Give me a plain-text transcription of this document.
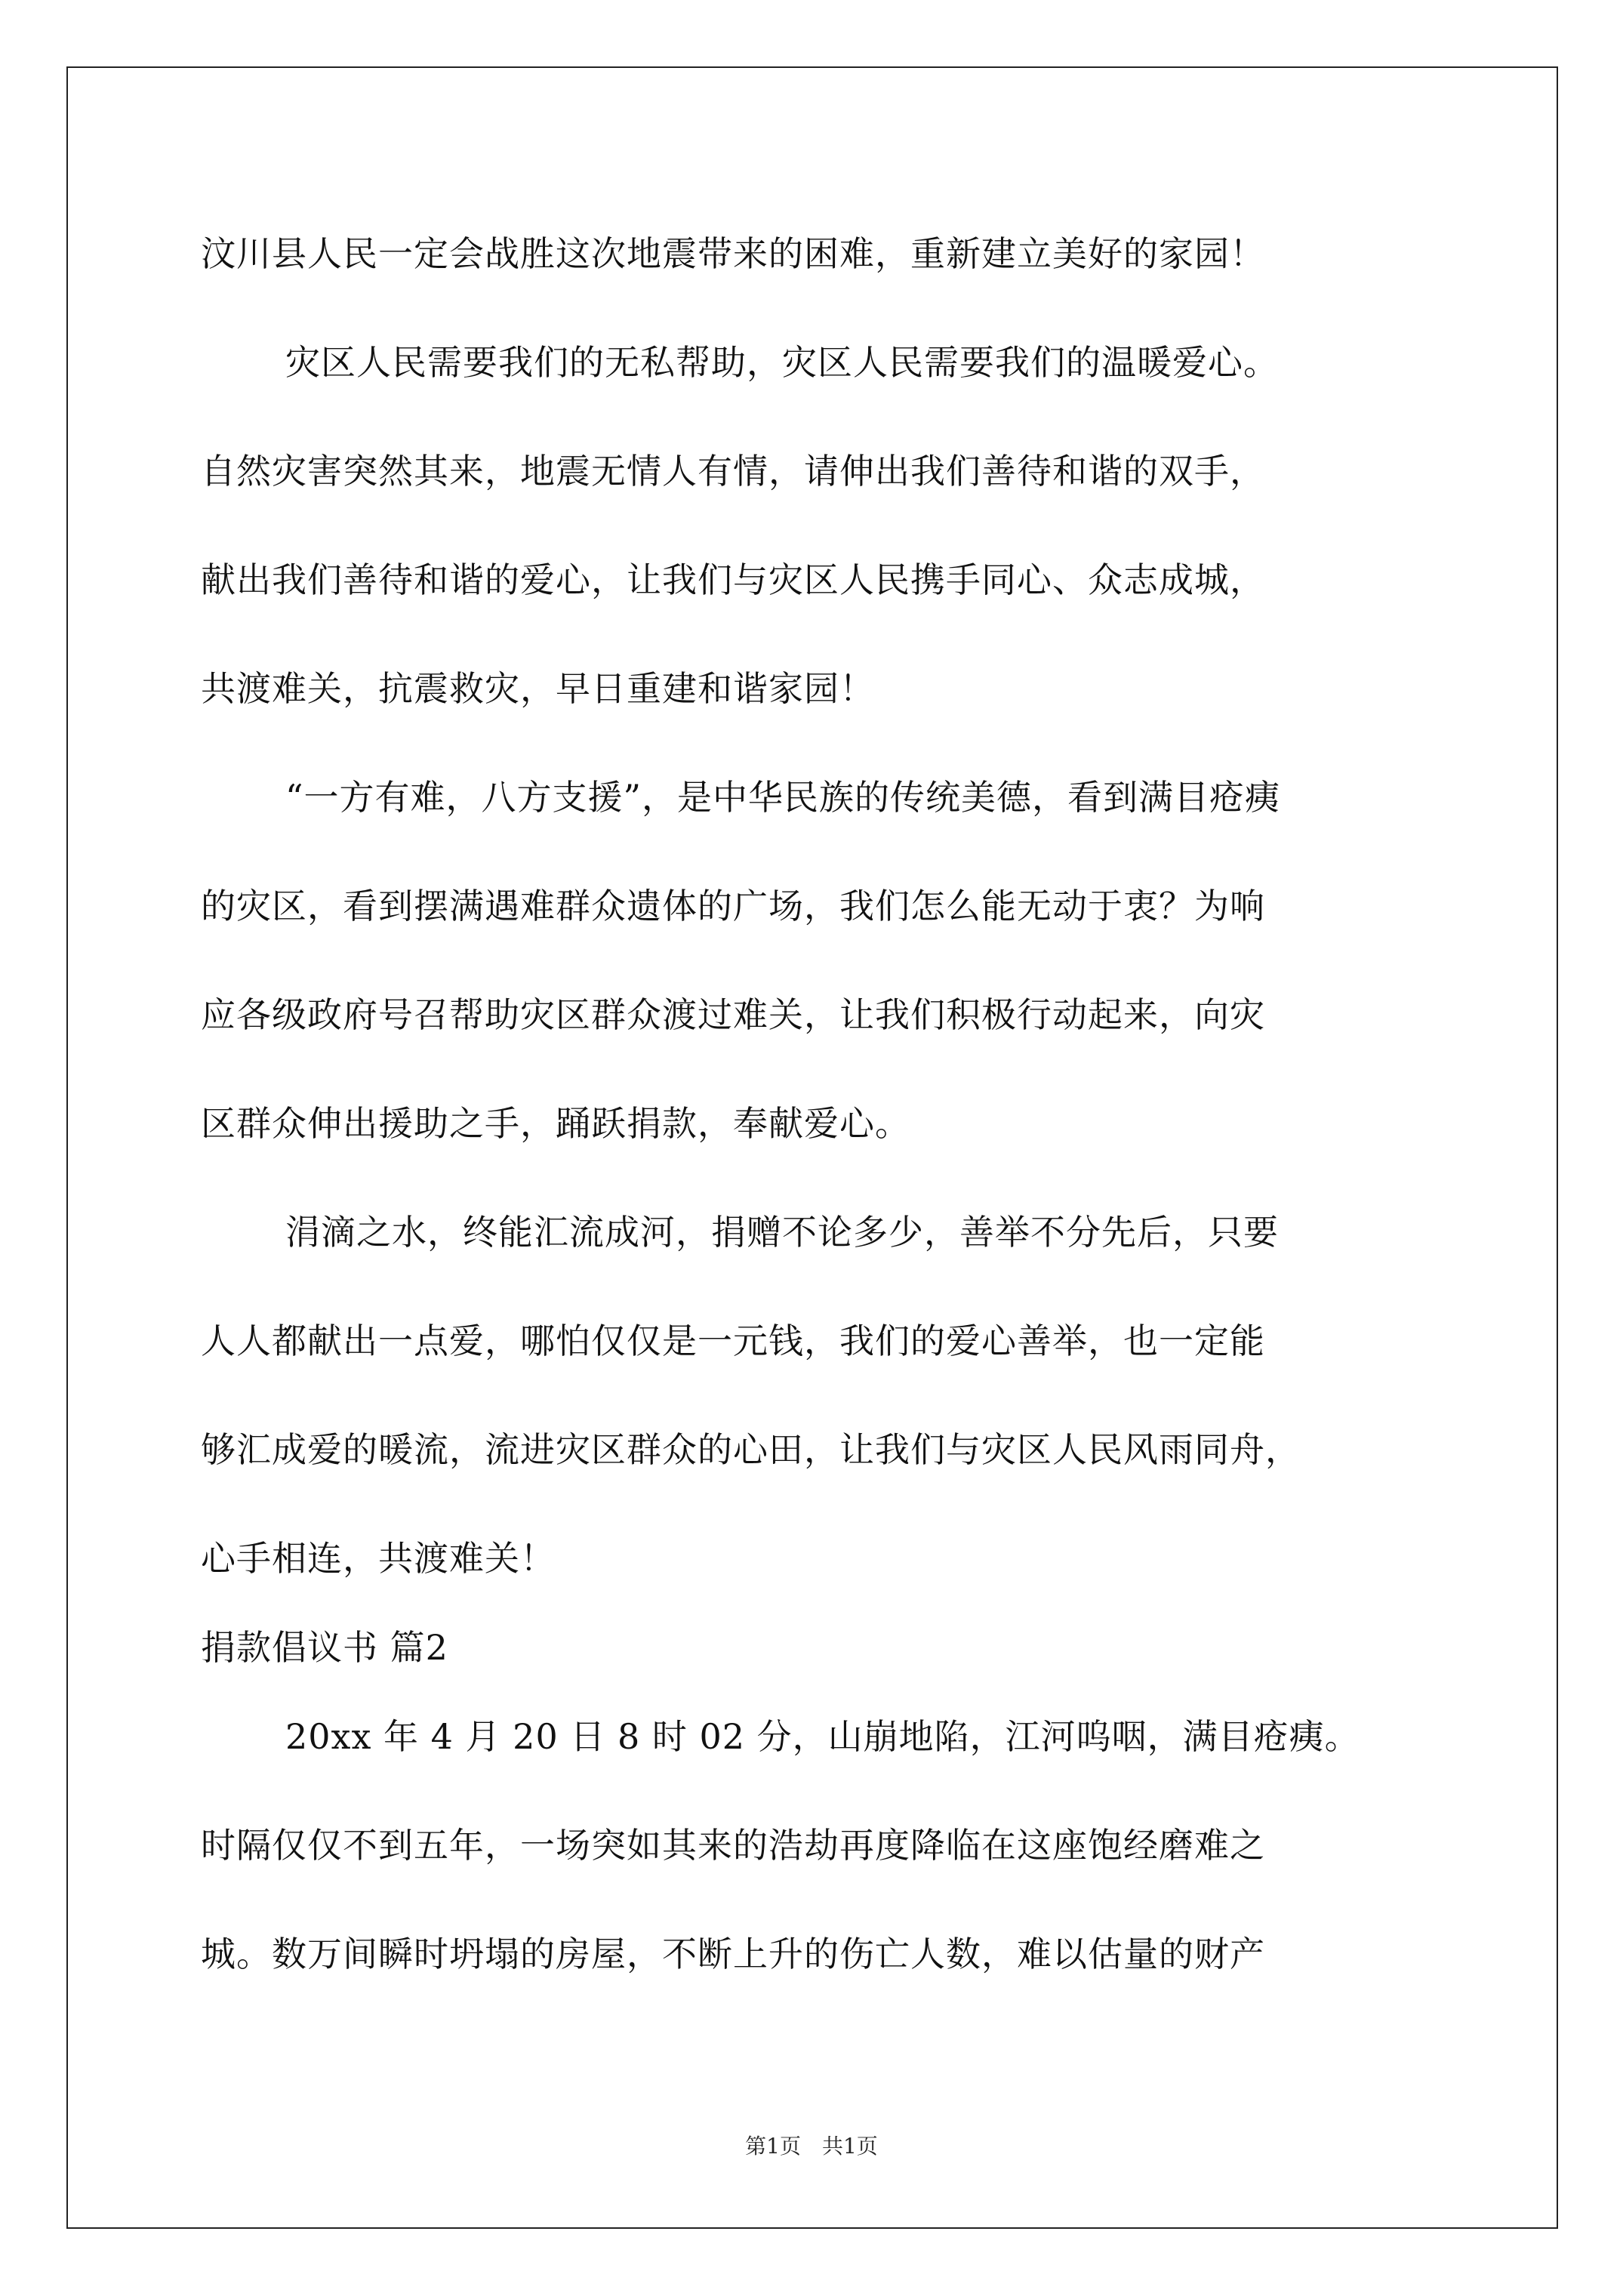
汶川县人民一定会战胜这次地震带来的困难，重新建立美好的家园！
灾区人民需要我们的无私帮助，灾区人民需要我们的温暖爱心。
自然灾害突然其来，地震无情人有情，请伸出我们善待和谐的双手，
献出我们善待和谐的爱心，让我们与灾区人民携手同心、众志成城，
共渡难关，抗震救灾，早日重建和谐家园！
“一方有难，八方支援”，是中华民族的传统美德，看到满目疮痍
的灾区，看到摆满遇难群众遗体的广场，我们怎么能无动于衷？为响
应各级政府号召帮助灾区群众渡过难关，让我们积极行动起来，向灾
区群众伸出援助之手，踊跃捐款，奉献爱心。
涓滴之水，终能汇流成河，捐赠不论多少，善举不分先后，只要
人人都献出一点爱，哪怕仅仅是一元钱，我们的爱心善举，也一定能
够汇成爱的暖流，流进灾区群众的心田，让我们与灾区人民风雨同舟，
心手相连，共渡难关！
捐款倡议书 篇2
20xx 年 4 月 20 日 8 时 02 分，山崩地陷，江河呜咽，满目疮痍。
时隔仅仅不到五年，一场突如其来的浩劫再度降临在这座饱经磨难之
城。数万间瞬时坍塌的房屋，不断上升的伤亡人数，难以估量的财产
第1页　共1页
